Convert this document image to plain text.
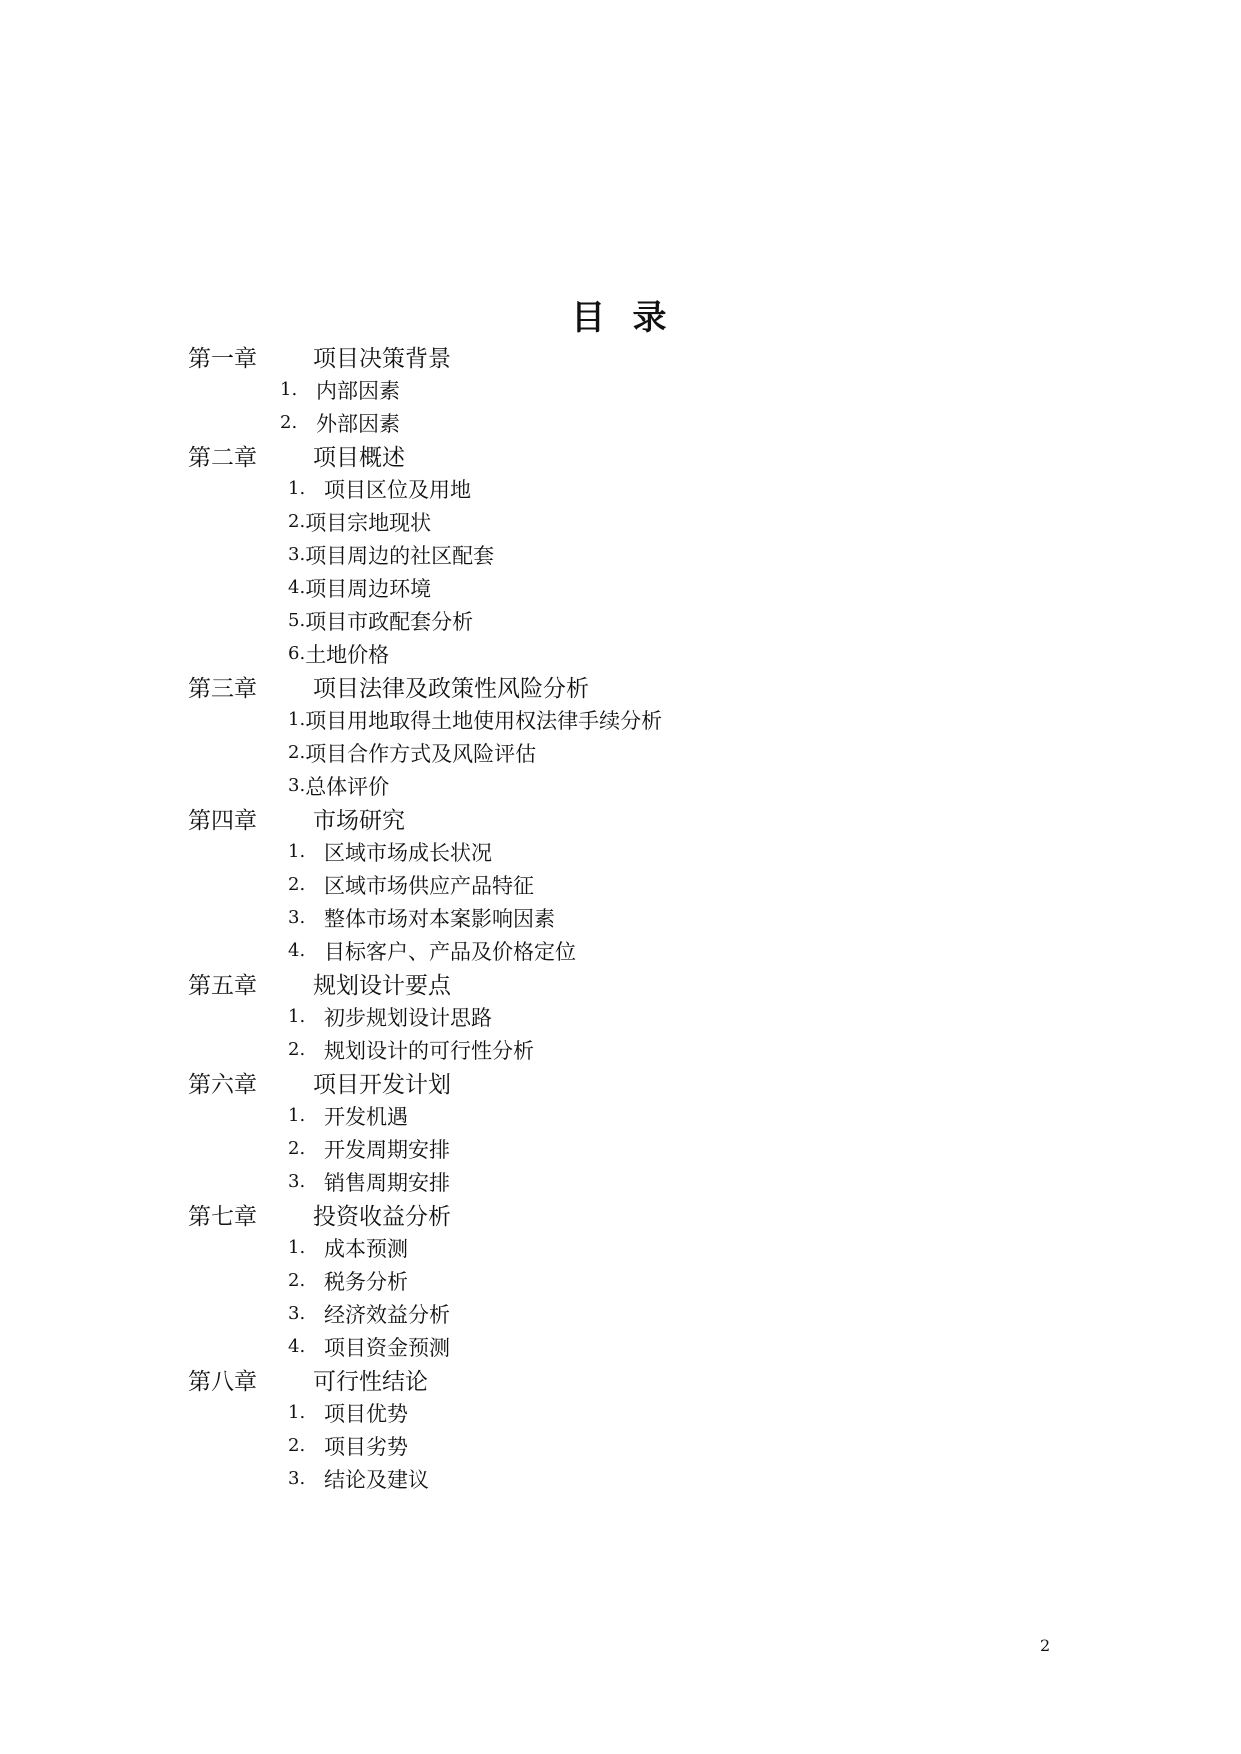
目 录
第一章	项目决策背景
1. 内部因素
2. 外部因素
第二章	项目概述
1. 项目区位及用地
2. 项目宗地现状
3. 项目周边的社区配套
4. 项目周边环境
5. 项目市政配套分析
6. 土地价格
第三章	项目法律及政策性风险分析
1. 项目用地取得土地使用权法律手续分析
2. 项目合作方式及风险评估
3. 总体评价
第四章	市场研究
1. 区域市场成长状况
2. 区域市场供应产品特征
3. 整体市场对本案影响因素
4. 目标客户、产品及价格定位
第五章	规划设计要点
1. 初步规划设计思路
2. 规划设计的可行性分析
第六章	项目开发计划
1. 开发机遇
2. 开发周期安排
3. 销售周期安排
第七章	投资收益分析
1. 成本预测
2. 税务分析
3. 经济效益分析
4. 项目资金预测
第八章	可行性结论
1. 项目优势
2. 项目劣势
3. 结论及建议
2
